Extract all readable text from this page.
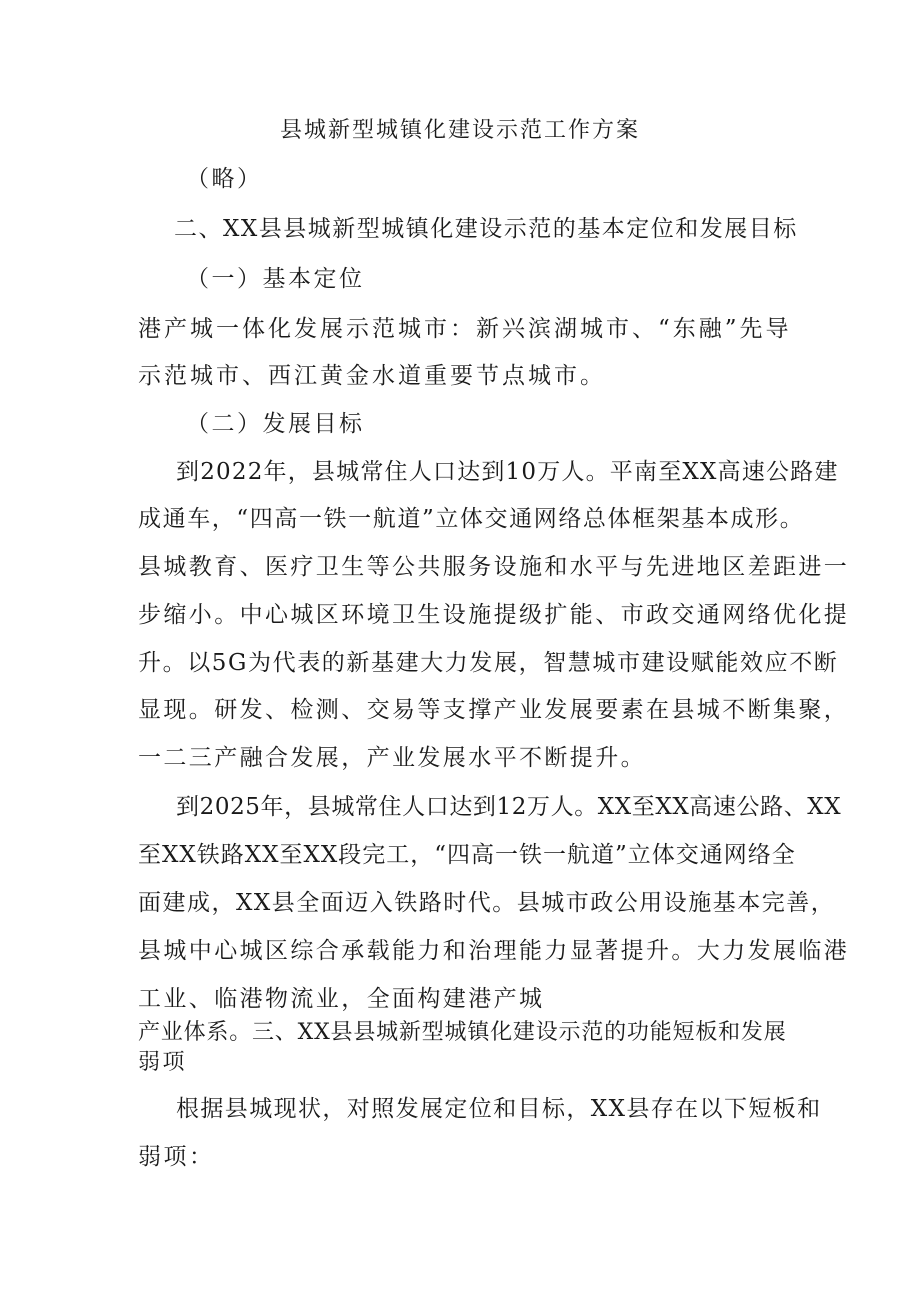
县城新型城镇化建设示范工作方案
（略）
二、XX县县城新型城镇化建设示范的基本定位和发展目标
（一）基本定位
港产城一体化发展示范城市：新兴滨湖城市、“东融”先导
示范城市、西江黄金水道重要节点城市。
（二）发展目标
到2022年，县城常住人口达到10万人。平南至XX高速公路建
成通车，“四高一铁一航道”立体交通网络总体框架基本成形。
县城教育、医疗卫生等公共服务设施和水平与先进地区差距进一
步缩小。中心城区环境卫生设施提级扩能、市政交通网络优化提
升。以5G为代表的新基建大力发展，智慧城市建设赋能效应不断
显现。研发、检测、交易等支撑产业发展要素在县城不断集聚，
一二三产融合发展，产业发展水平不断提升。
到2025年，县城常住人口达到12万人。XX至XX高速公路、XX
至XX铁路XX至XX段完工，“四高一铁一航道”立体交通网络全
面建成，XX县全面迈入铁路时代。县城市政公用设施基本完善，
县城中心城区综合承载能力和治理能力显著提升。大力发展临港
工业、临港物流业，全面构建港产城
产业体系。三、XX县县城新型城镇化建设示范的功能短板和发展
弱项
根据县城现状，对照发展定位和目标，XX县存在以下短板和
弱项：
